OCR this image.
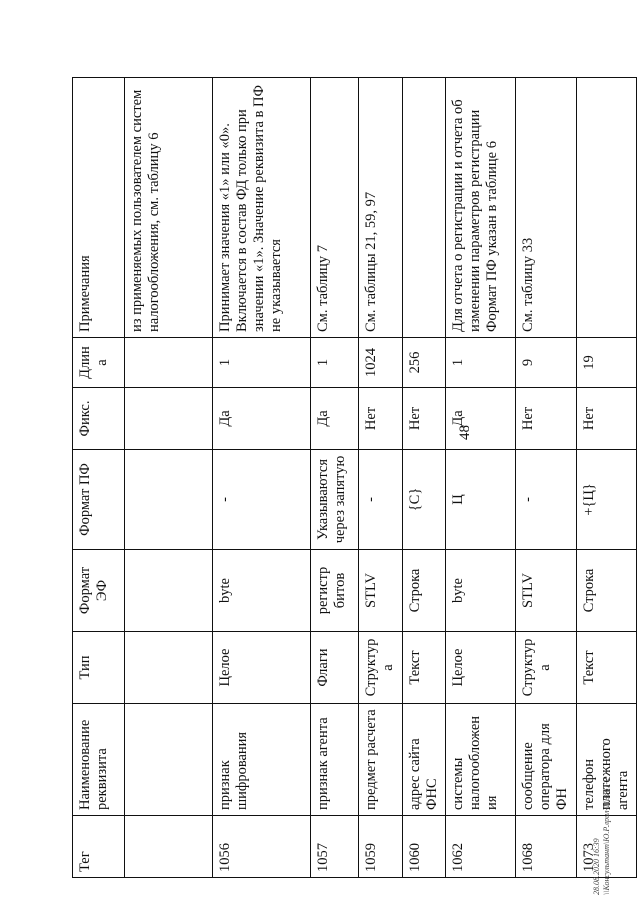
48
Тег	Наименование реквизита	Тип	Формат ЭФ	Формат ПФ	Фикс.	Длина	Примечания
							из применяемых пользователем систем налогообложения, см. таблицу 6
1056	признак шифрования	Целое	byte	-	Да	1	Принимает значения «1» или «0». Включается в состав ФД только при значении «1». Значение реквизита в ПФ не указывается
1057	признак агента	Флаги	регистр битов	Указываются через запятую	Да	1	См. таблицу 7
1059	предмет расчета	Структура	STLV	-	Нет	1024	См. таблицы 21, 59, 97
1060	адрес сайта ФНС	Текст	Строка	{С}	Нет	256	
1062	системы налогообложения	Целое	byte	Ц	Да	1	Для отчета о регистрации и отчета об изменении параметров регистрации Формат ПФ указан в таблице 6
1068	сообщение оператора для ФН	Структура	STLV	-	Нет	9	См. таблицу 33
1073	телефон платежного агента	Текст	Строка	+{Ц}	Нет	19	
28.08.2020 16:39 \\Консультант\Ю.Р.лрил-113861-2
